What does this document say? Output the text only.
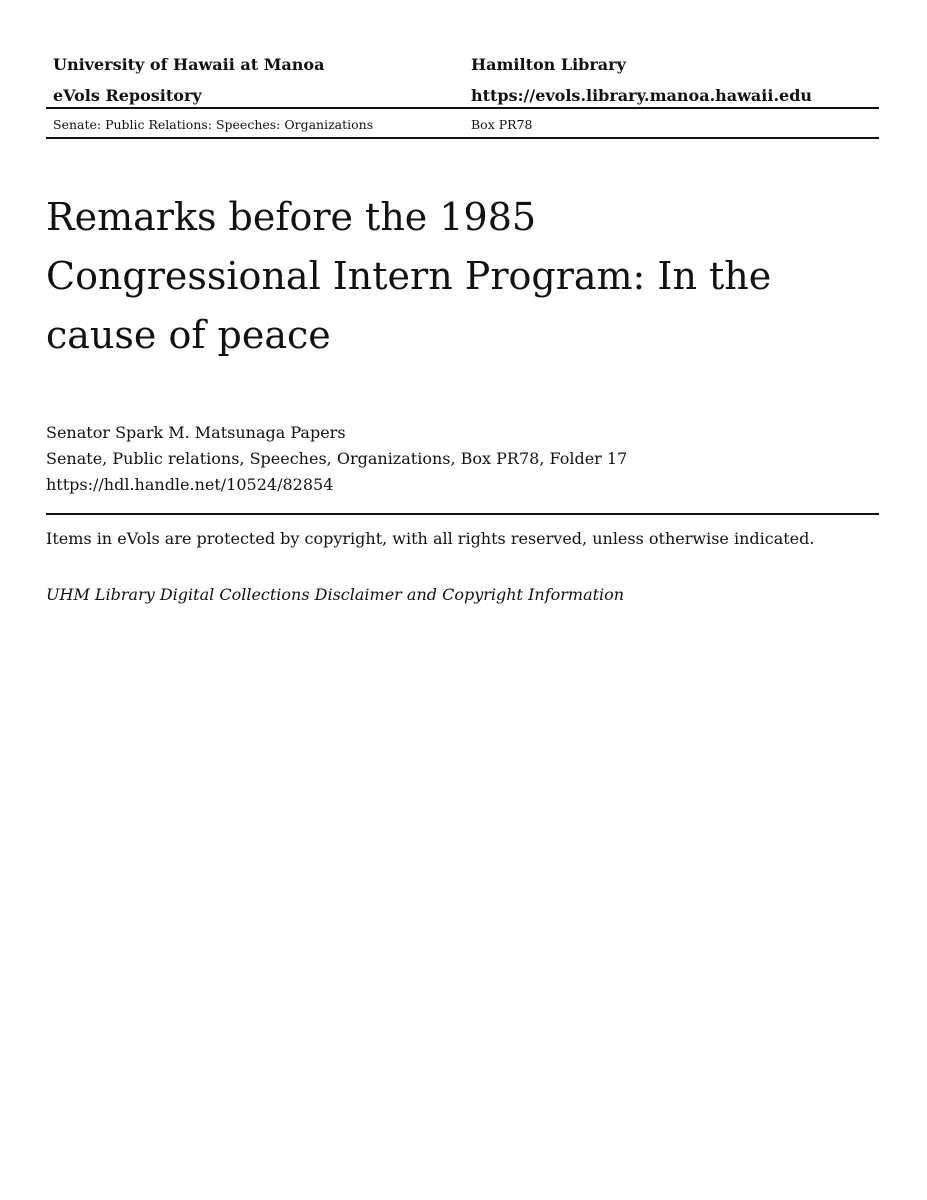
University of Hawaii at Manoa	Hamilton Library
eVols Repository	https://evols.library.manoa.hawaii.edu
Senate: Public Relations: Speeches: Organizations	Box PR78
Remarks before the 1985 Congressional Intern Program: In the cause of peace
Senator Spark M. Matsunaga Papers
Senate, Public relations, Speeches, Organizations, Box PR78, Folder 17
https://hdl.handle.net/10524/82854
Items in eVols are protected by copyright, with all rights reserved, unless otherwise indicated.
UHM Library Digital Collections Disclaimer and Copyright Information
